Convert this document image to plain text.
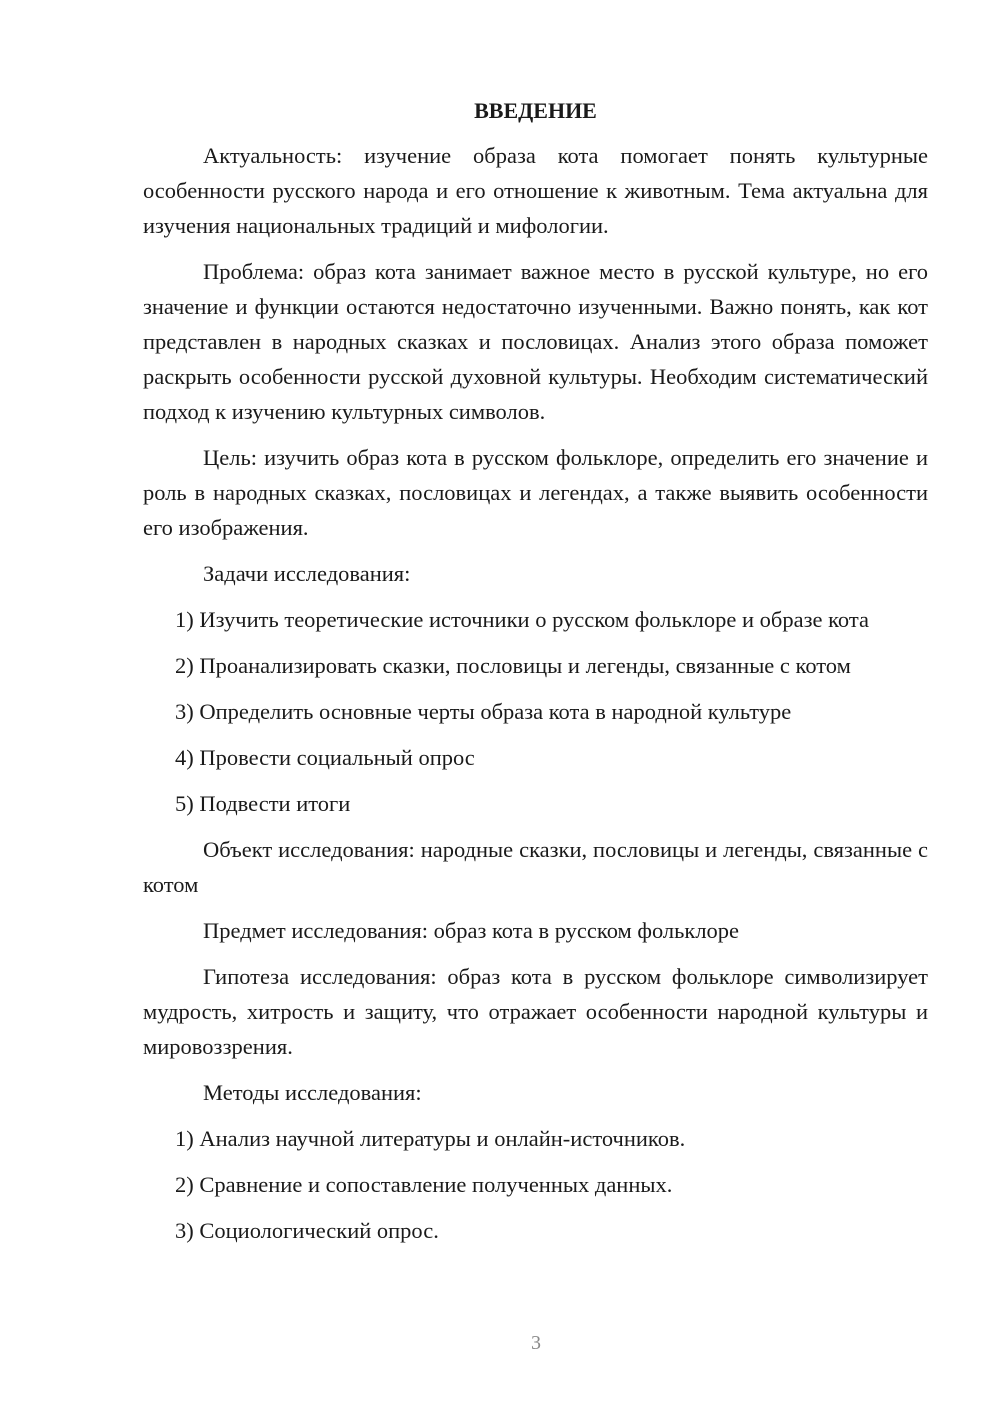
ВВЕДЕНИЕ

Актуальность: изучение образа кота помогает понять культурные особенности русского народа и его отношение к животным. Тема актуальна для изучения национальных традиций и мифологии.

Проблема: образ кота занимает важное место в русской культуре, но его значение и функции остаются недостаточно изученными. Важно понять, как кот представлен в народных сказках и пословицах. Анализ этого образа поможет раскрыть особенности русской духовной культуры. Необходим систематический подход к изучению культурных символов.

Цель: изучить образ кота в русском фольклоре, определить его значение и роль в народных сказках, пословицах и легендах, а также выявить особенности его изображения.

Задачи исследования:

1) Изучить теоретические источники о русском фольклоре и образе кота

2) Проанализировать сказки, пословицы и легенды, связанные с котом

3) Определить основные черты образа кота в народной культуре

4) Провести социальный опрос

5) Подвести итоги

Объект исследования: народные сказки, пословицы и легенды, связанные с котом

Предмет исследования: образ кота в русском фольклоре

Гипотеза исследования: образ кота в русском фольклоре символизирует мудрость, хитрость и защиту, что отражает особенности народной культуры и мировоззрения.

Методы исследования:

1) Анализ научной литературы и онлайн-источников.

2) Сравнение и сопоставление полученных данных.

3) Социологический опрос.

3
